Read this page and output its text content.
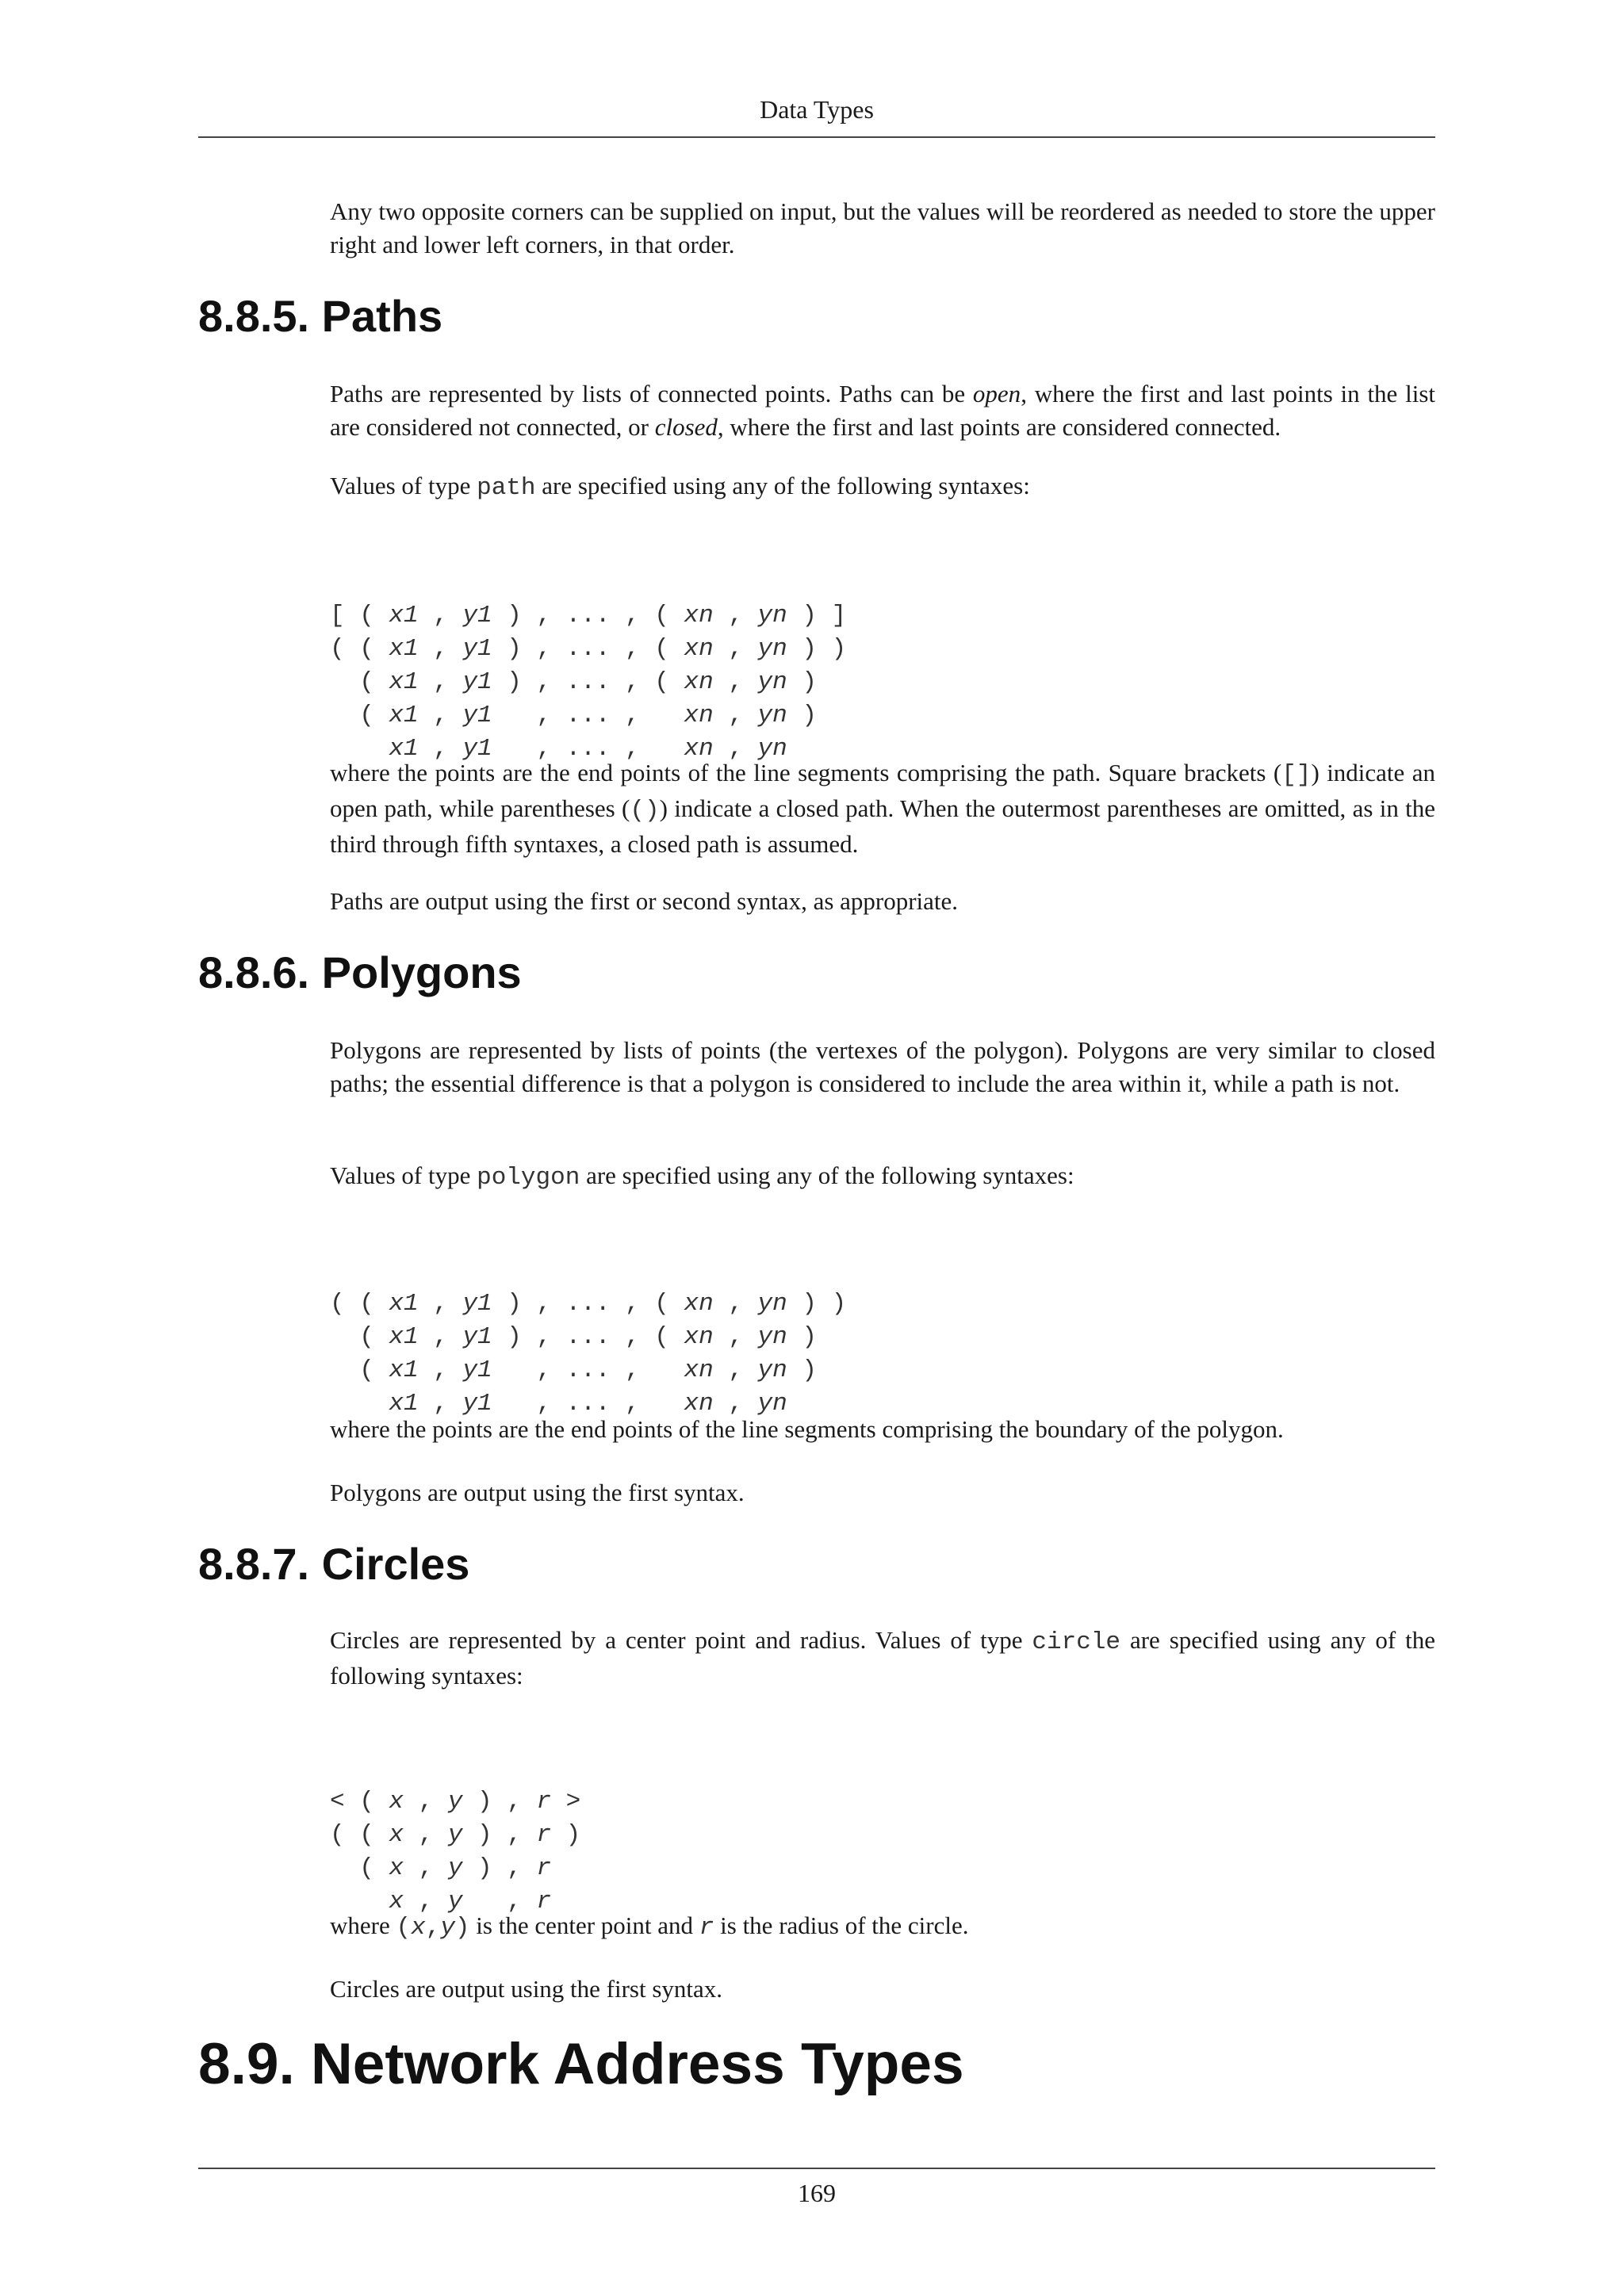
Data Types

Any two opposite corners can be supplied on input, but the values will be reordered as needed to store the upper right and lower left corners, in that order.

8.8.5. Paths

Paths are represented by lists of connected points. Paths can be open, where the first and last points in the list are considered not connected, or closed, where the first and last points are considered connected.

Values of type path are specified using any of the following syntaxes:

[ ( x1 , y1 ) , ... , ( xn , yn ) ]
( ( x1 , y1 ) , ... , ( xn , yn ) )
( x1 , y1 ) , ... , ( xn , yn )
( x1 , y1   , ... ,   xn , yn )
x1 , y1   , ... ,   xn , yn

where the points are the end points of the line segments comprising the path. Square brackets ([]) indicate an open path, while parentheses (()) indicate a closed path. When the outermost parentheses are omitted, as in the third through fifth syntaxes, a closed path is assumed.

Paths are output using the first or second syntax, as appropriate.

8.8.6. Polygons

Polygons are represented by lists of points (the vertexes of the polygon). Polygons are very similar to closed paths; the essential difference is that a polygon is considered to include the area within it, while a path is not.

Values of type polygon are specified using any of the following syntaxes:

( ( x1 , y1 ) , ... , ( xn , yn ) )
( x1 , y1 ) , ... , ( xn , yn )
( x1 , y1   , ... ,   xn , yn )
x1 , y1   , ... ,   xn , yn

where the points are the end points of the line segments comprising the boundary of the polygon.

Polygons are output using the first syntax.

8.8.7. Circles

Circles are represented by a center point and radius. Values of type circle are specified using any of the following syntaxes:

< ( x , y ) , r >
( ( x , y ) , r )
( x , y ) , r
x , y   , r

where (x,y) is the center point and r is the radius of the circle.

Circles are output using the first syntax.

8.9. Network Address Types
169
